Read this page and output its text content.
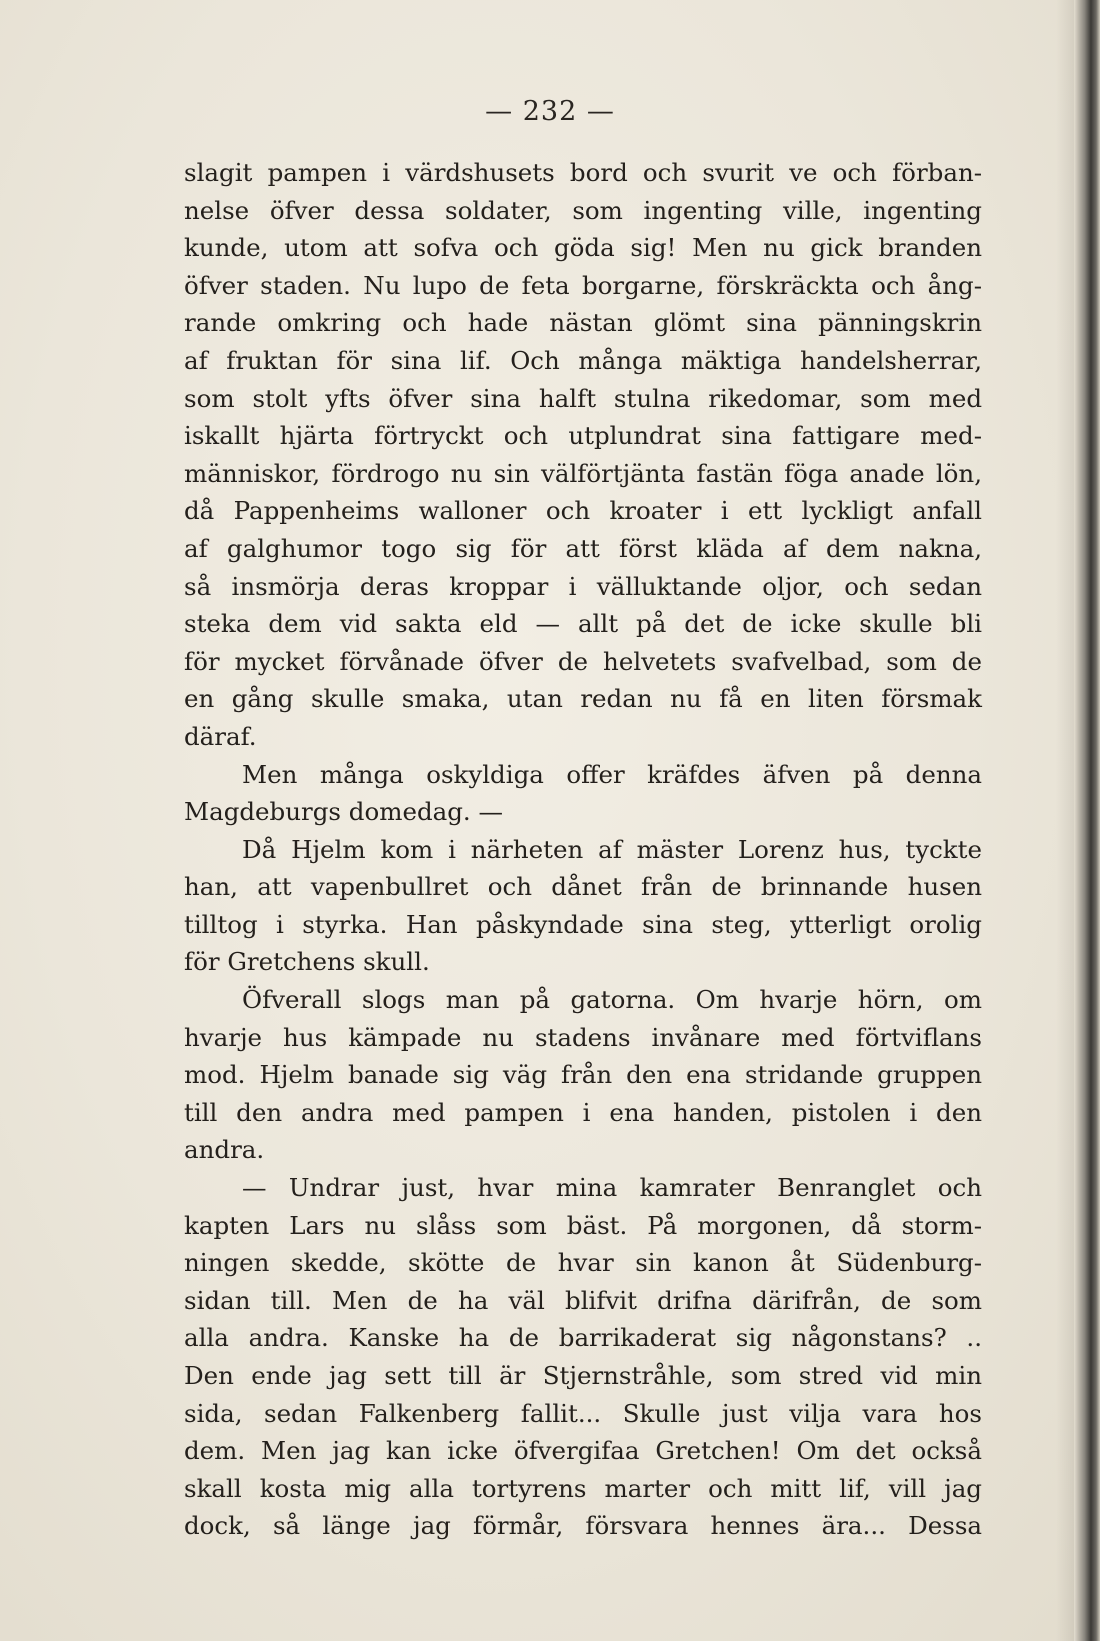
— 232 —
slagit pampen i värdshusets bord och svurit ve och förban-
nelse öfver dessa soldater, som ingenting ville, ingenting
kunde, utom att sofva och göda sig! Men nu gick branden
öfver staden. Nu lupo de feta borgarne, förskräckta och ång-
rande omkring och hade nästan glömt sina pänningskrin
af fruktan för sina lif. Och många mäktiga handelsherrar,
som stolt yfts öfver sina halft stulna rikedomar, som med
iskallt hjärta förtryckt och utplundrat sina fattigare med-
människor, fördrogo nu sin välförtjänta fastän föga anade lön,
då Pappenheims walloner och kroater i ett lyckligt anfall
af galghumor togo sig för att först kläda af dem nakna,
så insmörja deras kroppar i välluktande oljor, och sedan
steka dem vid sakta eld — allt på det de icke skulle bli
för mycket förvånade öfver de helvetets svafvelbad, som de
en gång skulle smaka, utan redan nu få en liten försmak
däraf.
Men många oskyldiga offer kräfdes äfven på denna
Magdeburgs domedag. —
Då Hjelm kom i närheten af mäster Lorenz hus, tyckte
han, att vapenbullret och dånet från de brinnande husen
tilltog i styrka. Han påskyndade sina steg, ytterligt orolig
för Gretchens skull.
Öfverall slogs man på gatorna. Om hvarje hörn, om
hvarje hus kämpade nu stadens invånare med förtviflans
mod. Hjelm banade sig väg från den ena stridande gruppen
till den andra med pampen i ena handen, pistolen i den
andra.
— Undrar just, hvar mina kamrater Benranglet och
kapten Lars nu slåss som bäst. På morgonen, då storm-
ningen skedde, skötte de hvar sin kanon åt Südenburg-
sidan till. Men de ha väl blifvit drifna därifrån, de som
alla andra. Kanske ha de barrikaderat sig någonstans? ..
Den ende jag sett till är Stjernstråhle, som stred vid min
sida, sedan Falkenberg fallit... Skulle just vilja vara hos
dem. Men jag kan icke öfvergifaa Gretchen! Om det också
skall kosta mig alla tortyrens marter och mitt lif, vill jag
dock, så länge jag förmår, försvara hennes ära... Dessa
